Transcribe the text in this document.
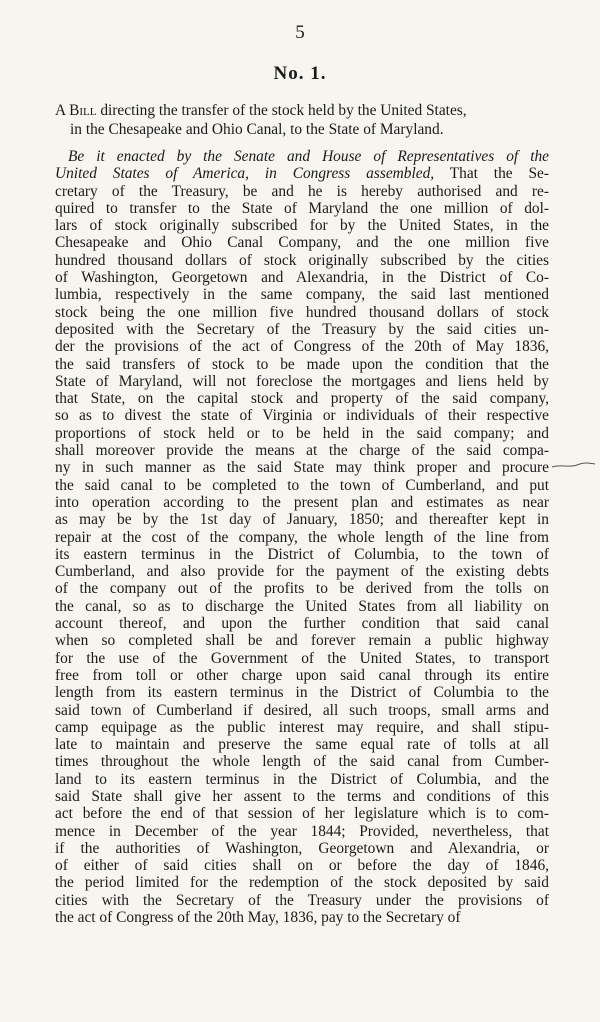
5
No. 1.
A Bill directing the transfer of the stock held by the United States,
in the Chesapeake and Ohio Canal, to the State of Maryland.
Be it enacted by the Senate and House of Representatives of the
United States of America, in Congress assembled, That the Se-
cretary of the Treasury, be and he is hereby authorised and re-
quired to transfer to the State of Maryland the one million of dol-
lars of stock originally subscribed for by the United States, in the
Chesapeake and Ohio Canal Company, and the one million five
hundred thousand dollars of stock originally subscribed by the cities
of Washington, Georgetown and Alexandria, in the District of Co-
lumbia, respectively in the same company, the said last mentioned
stock being the one million five hundred thousand dollars of stock
deposited with the Secretary of the Treasury by the said cities un-
der the provisions of the act of Congress of the 20th of May 1836,
the said transfers of stock to be made upon the condition that the
State of Maryland, will not foreclose the mortgages and liens held by
that State, on the capital stock and property of the said company,
so as to divest the state of Virginia or individuals of their respective
proportions of stock held or to be held in the said company; and
shall moreover provide the means at the charge of the said compa-
ny in such manner as the said State may think proper and procure
the said canal to be completed to the town of Cumberland, and put
into operation according to the present plan and estimates as near
as may be by the 1st day of January, 1850; and thereafter kept in
repair at the cost of the company, the whole length of the line from
its eastern terminus in the District of Columbia, to the town of
Cumberland, and also provide for the payment of the existing debts
of the company out of the profits to be derived from the tolls on
the canal, so as to discharge the United States from all liability on
account thereof, and upon the further condition that said canal
when so completed shall be and forever remain a public highway
for the use of the Government of the United States, to transport
free from toll or other charge upon said canal through its entire
length from its eastern terminus in the District of Columbia to the
said town of Cumberland if desired, all such troops, small arms and
camp equipage as the public interest may require, and shall stipu-
late to maintain and preserve the same equal rate of tolls at all
times throughout the whole length of the said canal from Cumber-
land to its eastern terminus in the District of Columbia, and the
said State shall give her assent to the terms and conditions of this
act before the end of that session of her legislature which is to com-
mence in December of the year 1844; Provided, nevertheless, that
if the authorities of Washington, Georgetown and Alexandria, or
of either of said cities shall on or before the day of 1846,
the period limited for the redemption of the stock deposited by said
cities with the Secretary of the Treasury under the provisions of
the act of Congress of the 20th May, 1836, pay to the Secretary of
